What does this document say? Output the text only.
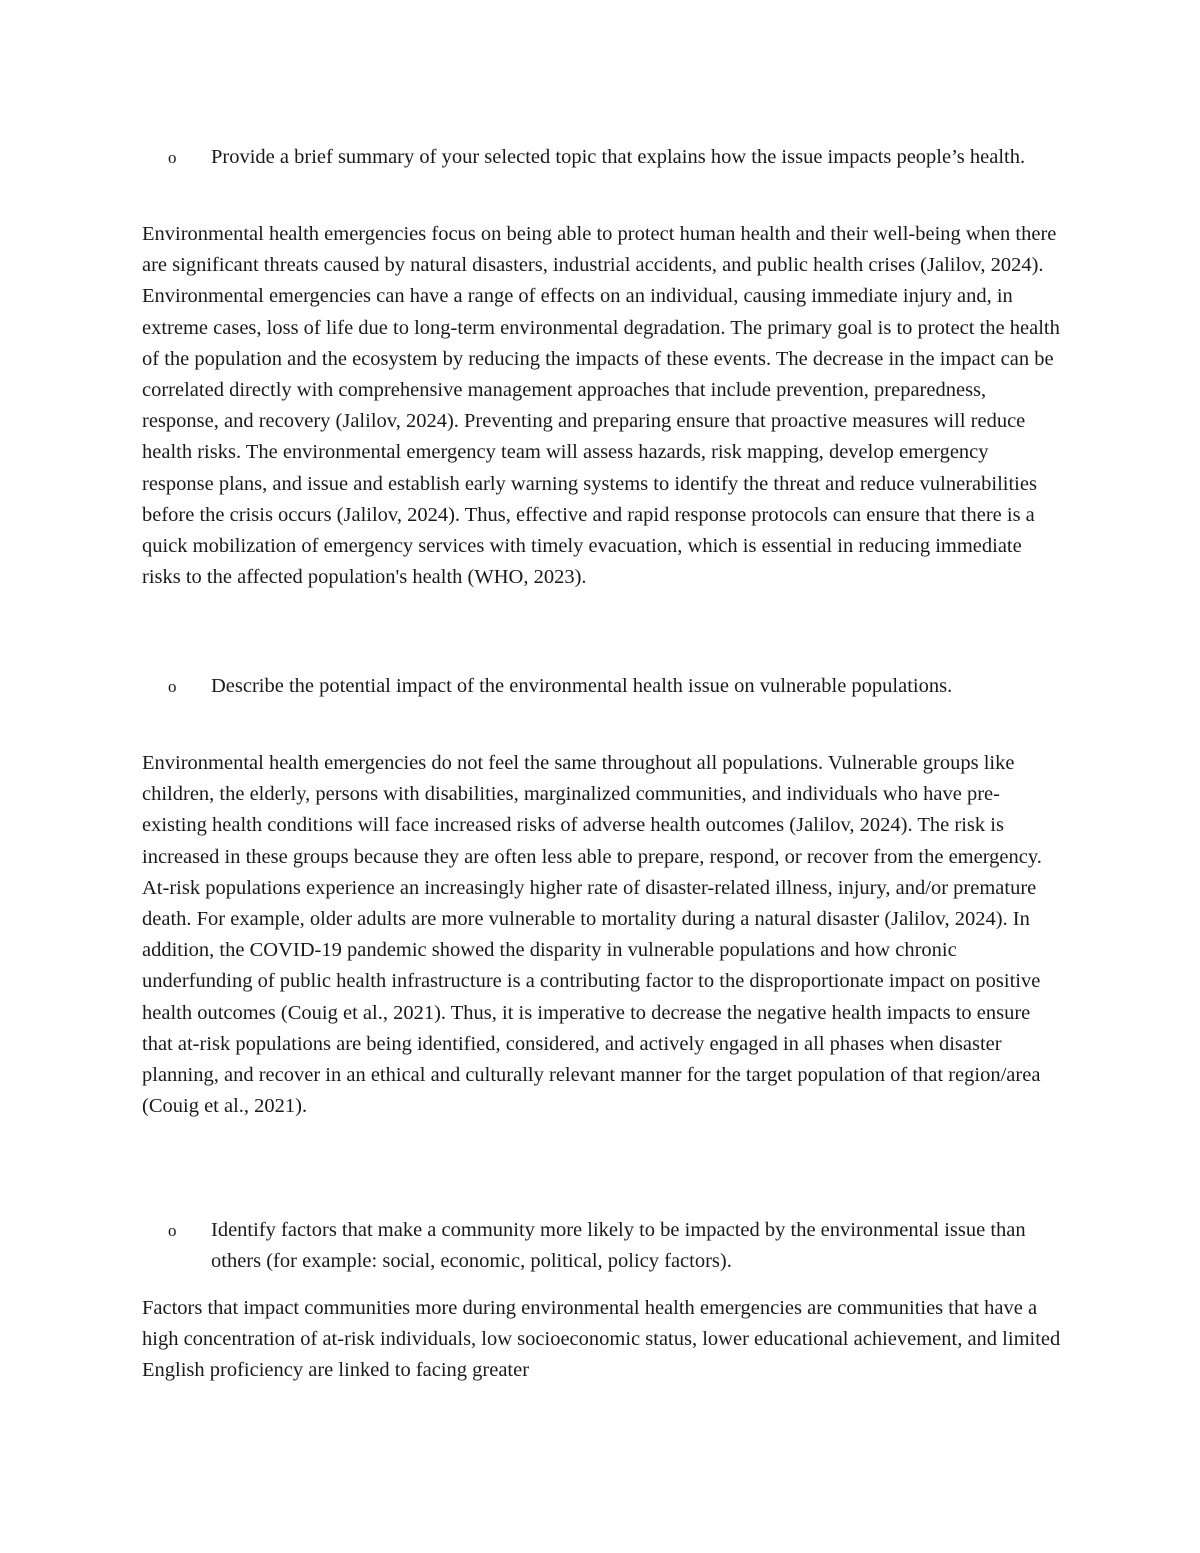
o Provide a brief summary of your selected topic that explains how the issue impacts people’s health.

Environmental health emergencies focus on being able to protect human health and their well-being when there are significant threats caused by natural disasters, industrial accidents, and public health crises (Jalilov, 2024). Environmental emergencies can have a range of effects on an individual, causing immediate injury and, in extreme cases, loss of life due to long-term environmental degradation. The primary goal is to protect the health of the population and the ecosystem by reducing the impacts of these events. The decrease in the impact can be correlated directly with comprehensive management approaches that include prevention, preparedness, response, and recovery (Jalilov, 2024). Preventing and preparing ensure that proactive measures will reduce health risks. The environmental emergency team will assess hazards, risk mapping, develop emergency response plans, and issue and establish early warning systems to identify the threat and reduce vulnerabilities before the crisis occurs (Jalilov, 2024). Thus, effective and rapid response protocols can ensure that there is a quick mobilization of emergency services with timely evacuation, which is essential in reducing immediate risks to the affected population's health (WHO, 2023).

o Describe the potential impact of the environmental health issue on vulnerable populations.

Environmental health emergencies do not feel the same throughout all populations. Vulnerable groups like children, the elderly, persons with disabilities, marginalized communities, and individuals who have pre-existing health conditions will face increased risks of adverse health outcomes (Jalilov, 2024). The risk is increased in these groups because they are often less able to prepare, respond, or recover from the emergency. At-risk populations experience an increasingly higher rate of disaster-related illness, injury, and/or premature death. For example, older adults are more vulnerable to mortality during a natural disaster (Jalilov, 2024). In addition, the COVID-19 pandemic showed the disparity in vulnerable populations and how chronic underfunding of public health infrastructure is a contributing factor to the disproportionate impact on positive health outcomes (Couig et al., 2021). Thus, it is imperative to decrease the negative health impacts to ensure that at-risk populations are being identified, considered, and actively engaged in all phases when disaster planning, and recover in an ethical and culturally relevant manner for the target population of that region/area (Couig et al., 2021).

o Identify factors that make a community more likely to be impacted by the environmental issue than others (for example: social, economic, political, policy factors).

Factors that impact communities more during environmental health emergencies are communities that have a high concentration of at-risk individuals, low socioeconomic status, lower educational achievement, and limited English proficiency are linked to facing greater
